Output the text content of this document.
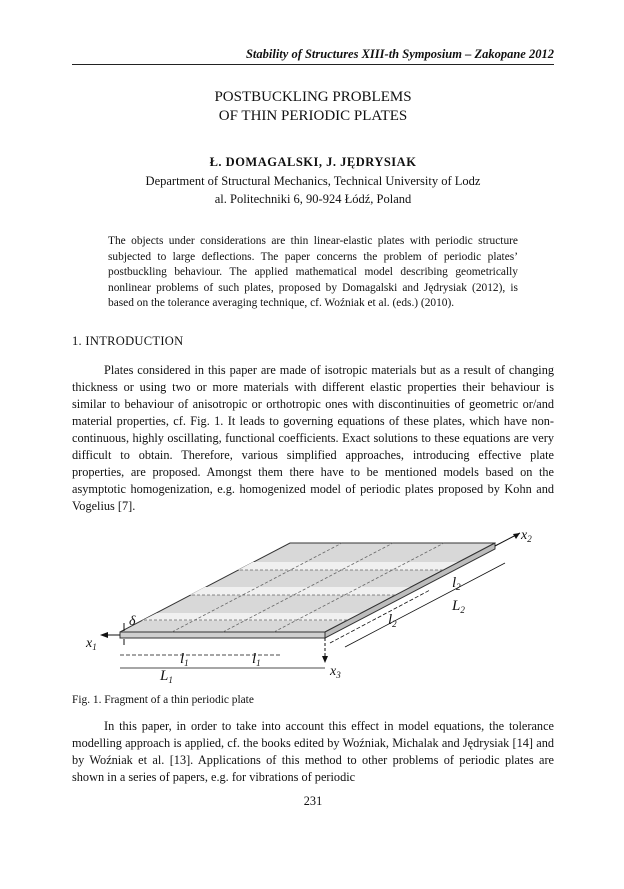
Stability of Structures XIII-th Symposium – Zakopane 2012
POSTBUCKLING PROBLEMS
OF THIN PERIODIC PLATES
Ł. DOMAGALSKI, J. JĘDRYSIAK
Department of Structural Mechanics, Technical University of Lodz
al. Politechniki 6, 90-924 Łódź, Poland

The objects under considerations are thin linear-elastic plates with periodic structure subjected to large deflections. The paper concerns the problem of periodic plates’ postbuckling behaviour. The applied mathematical model describing geometrically nonlinear problems of such plates, proposed by Domagalski and Jędrysiak (2012), is based on the tolerance averaging technique, cf. Woźniak et al. (eds.) (2010).

1. INTRODUCTION

Plates considered in this paper are made of isotropic materials but as a result of changing thickness or using two or more materials with different elastic properties their behaviour is similar to behaviour of anisotropic or orthotropic ones with discontinuities of geometric or/and material properties, cf. Fig. 1. It leads to governing equations of these plates, which have non-continuous, highly oscillating, functional coefficients. Exact solutions to these equations are very difficult to obtain. Therefore, various simplified approaches, introducing effective plate properties, are proposed. Amongst them there have to be mentioned models based on the asymptotic homogenization, e.g. homogenized model of periodic plates proposed by Kohn and Vogelius [7].

$x_2$
$x_1$
$x_3$
δ
$l_1$	$l_1$
$L_1$
$l_2$
$L_2$
$l_2$
Fig. 1. Fragment of a thin periodic plate

In this paper, in order to take into account this effect in model equations, the tolerance modelling approach is applied, cf. the books edited by Woźniak, Michalak and Jędrysiak [14] and by Woźniak et al. [13]. Applications of this method to other problems of periodic plates are shown in a series of papers, e.g. for vibrations of periodic

231
